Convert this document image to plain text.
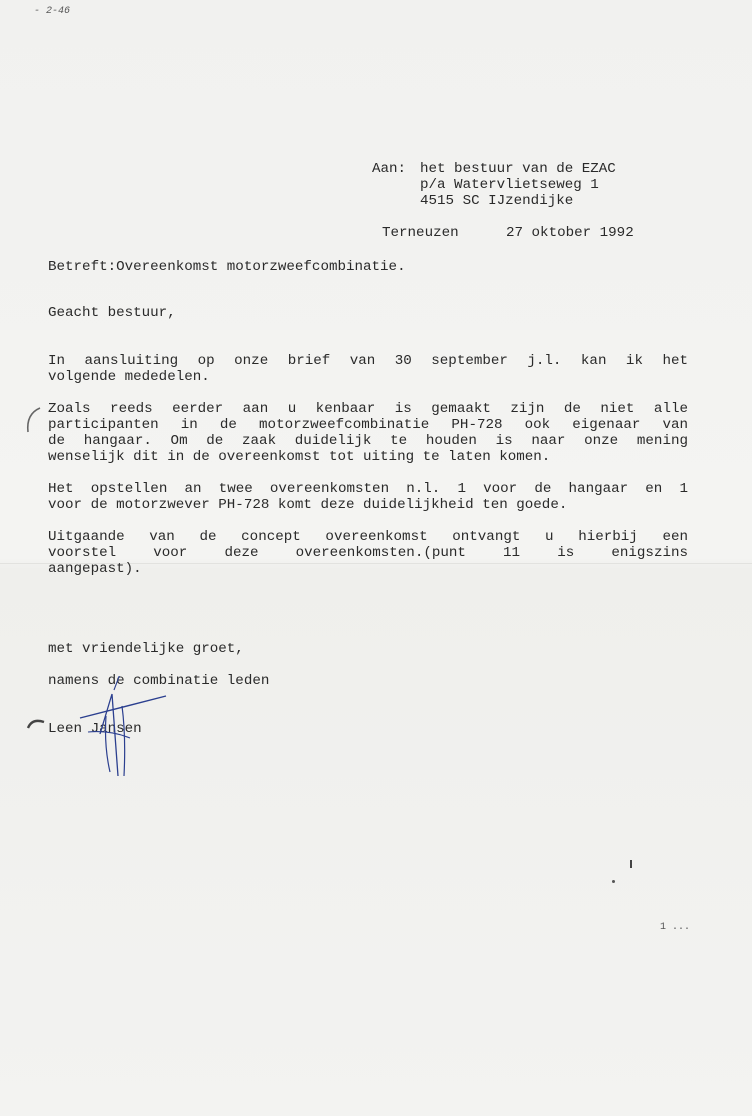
- 2-46
Aan: het bestuur van de EZAC
p/a Watervlietseweg 1
4515 SC IJzendijke
Terneuzen	27 oktober 1992
Betreft:Overeenkomst motorzweefcombinatie.
Geacht bestuur,
In aansluiting op onze brief van 30 september j.l. kan ik het
volgende mededelen.
Zoals reeds eerder aan u kenbaar is gemaakt zijn de niet alle
participanten in de motorzweefcombinatie PH-728 ook eigenaar van
de hangaar. Om de zaak duidelijk te houden is naar onze mening
wenselijk dit in de overeenkomst tot uiting te laten komen.
Het opstellen an twee overeenkomsten n.l. 1 voor de hangaar en 1
voor de motorzwever PH-728 komt deze duidelijkheid ten goede.
Uitgaande van de concept overeenkomst ontvangt u hierbij een
voorstel voor deze overeenkomsten.(punt 11 is enigszins
aangepast).
met vriendelijke groet,
namens de combinatie leden
Leen Jansen
1 ...
